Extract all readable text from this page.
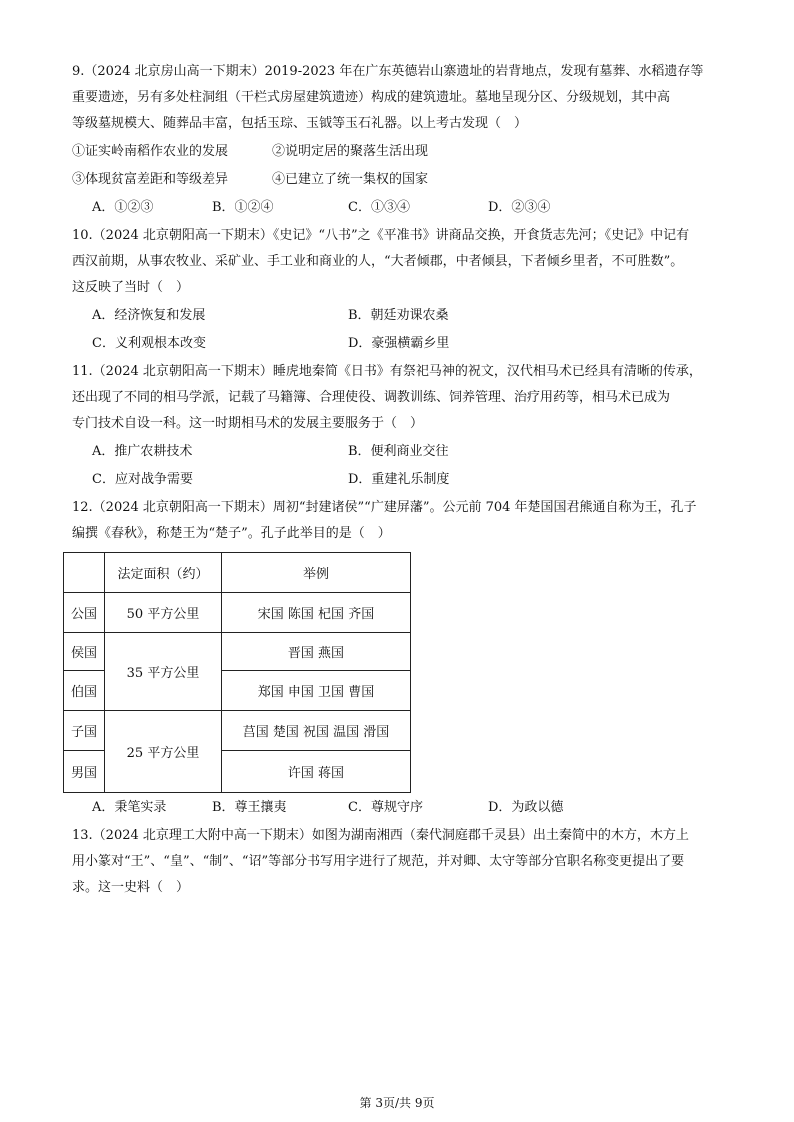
9.（2024 北京房山高一下期末）2019-2023 年在广东英德岩山寨遗址的岩背地点，发现有墓葬、水稻遗存等
重要遗迹，另有多处柱洞组（干栏式房屋建筑遗迹）构成的建筑遗址。墓地呈现分区、分级规划，其中高
等级墓规模大、随葬品丰富，包括玉琮、玉钺等玉石礼器。以上考古发现（　）
①证实岭南稻作农业的发展	②说明定居的聚落生活出现
③体现贫富差距和等级差异	④已建立了统一集权的国家
A．①②③	B．①②④	C．①③④	D．②③④
10.（2024 北京朝阳高一下期末）《史记》“八书”之《平准书》讲商品交换，开食货志先河；《史记》中记有
西汉前期，从事农牧业、采矿业、手工业和商业的人，“大者倾郡，中者倾县，下者倾乡里者，不可胜数”。
这反映了当时（　）
A．经济恢复和发展	B．朝廷劝课农桑
C．义利观根本改变	D．豪强横霸乡里
11.（2024 北京朝阳高一下期末）睡虎地秦简《日书》有祭祀马神的祝文，汉代相马术已经具有清晰的传承，
还出现了不同的相马学派，记载了马籍簿、合理使役、调教训练、饲养管理、治疗用药等，相马术已成为
专门技术自设一科。这一时期相马术的发展主要服务于（　）
A．推广农耕技术	B．便利商业交往
C．应对战争需要	D．重建礼乐制度
12.（2024 北京朝阳高一下期末）周初“封建诸侯”“广建屏藩”。公元前 704 年楚国国君熊通自称为王，孔子
编撰《春秋》，称楚王为“楚子”。孔子此举目的是（　）
	法定面积（约）	举例
公国	50 平方公里	宋国 陈国 杞国 齐国
侯国	35 平方公里	晋国 燕国
伯国		郑国 申国 卫国 曹国
子国	25 平方公里	莒国 楚国 祝国 温国 滑国
男国		许国 蒋国
A．秉笔实录	B．尊王攘夷	C．尊规守序	D．为政以德
13.（2024 北京理工大附中高一下期末）如图为湖南湘西（秦代洞庭郡千灵县）出土秦简中的木方，木方上
用小篆对“王”、“皇”、“制”、“诏”等部分书写用字进行了规范，并对卿、太守等部分官职名称变更提出了要
求。这一史料（　）
第 3页/共 9页
